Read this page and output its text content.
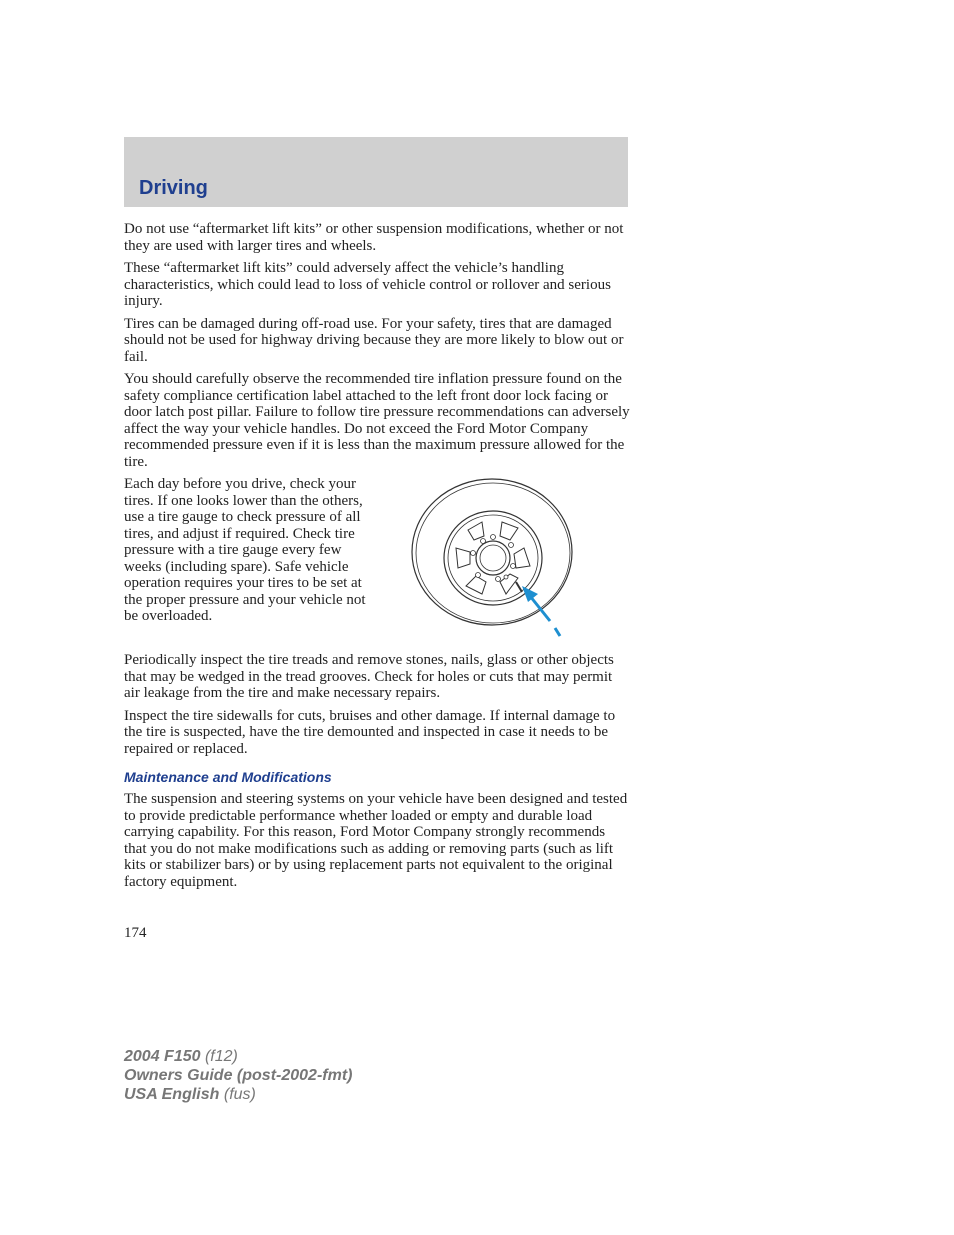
Driving

Do not use “aftermarket lift kits” or other suspension modifications, whether or not they are used with larger tires and wheels.

These “aftermarket lift kits” could adversely affect the vehicle’s handling characteristics, which could lead to loss of vehicle control or rollover and serious injury.

Tires can be damaged during off-road use. For your safety, tires that are damaged should not be used for highway driving because they are more likely to blow out or fail.

You should carefully observe the recommended tire inflation pressure found on the safety compliance certification label attached to the left front door lock facing or door latch post pillar. Failure to follow tire pressure recommendations can adversely affect the way your vehicle handles. Do not exceed the Ford Motor Company recommended pressure even if it is less than the maximum pressure allowed for the tire.

Each day before you drive, check your tires. If one looks lower than the others, use a tire gauge to check pressure of all tires, and adjust if required. Check tire pressure with a tire gauge every few weeks (including spare). Safe vehicle operation requires your tires to be set at the proper pressure and your vehicle not be overloaded.

Periodically inspect the tire treads and remove stones, nails, glass or other objects that may be wedged in the tread grooves. Check for holes or cuts that may permit air leakage from the tire and make necessary repairs.

Inspect the tire sidewalls for cuts, bruises and other damage. If internal damage to the tire is suspected, have the tire demounted and inspected in case it needs to be repaired or replaced.

Maintenance and Modifications

The suspension and steering systems on your vehicle have been designed and tested to provide predictable performance whether loaded or empty and durable load carrying capability. For this reason, Ford Motor Company strongly recommends that you do not make modifications such as adding or removing parts (such as lift kits or stabilizer bars) or by using replacement parts not equivalent to the original factory equipment.

174
2004 F150 (f12)
Owners Guide (post-2002-fmt)
USA English (fus)
